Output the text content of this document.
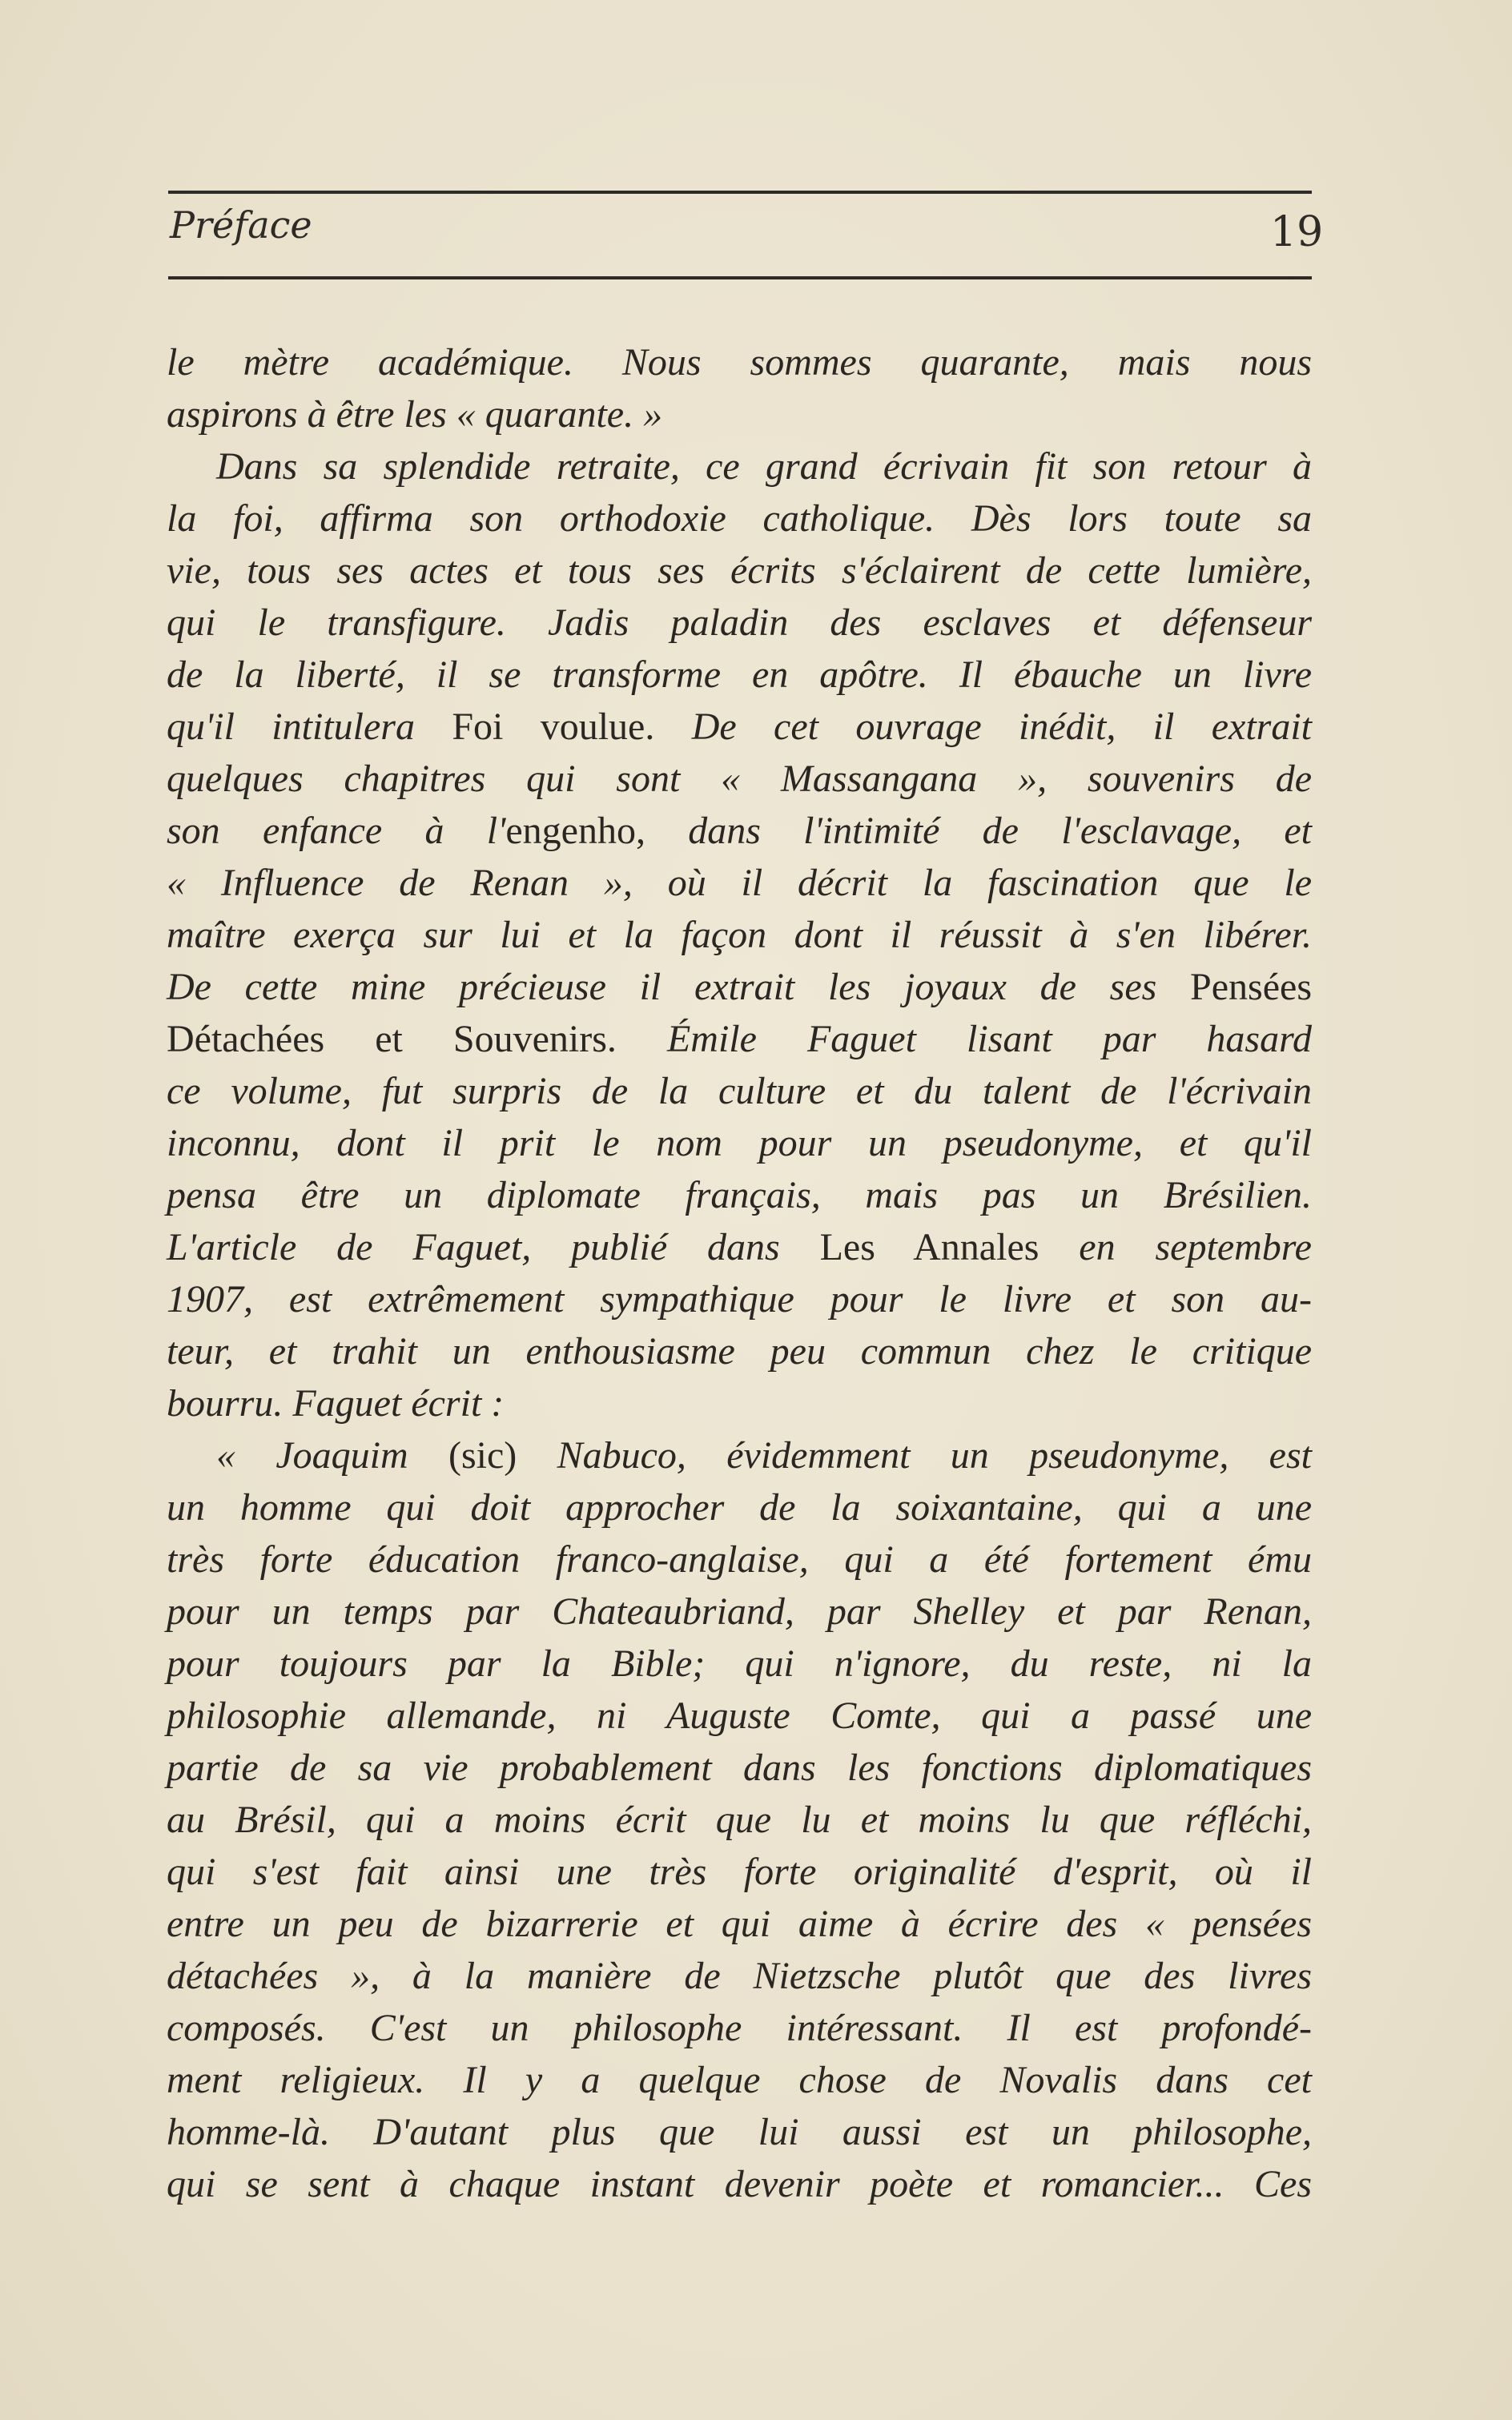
Préface	19
le mètre académique. Nous sommes quarante, mais nous
aspirons à être les « quarante. »
Dans sa splendide retraite, ce grand écrivain fit son retour à
la foi, affirma son orthodoxie catholique. Dès lors toute sa
vie, tous ses actes et tous ses écrits s'éclairent de cette lumière,
qui le transfigure. Jadis paladin des esclaves et défenseur
de la liberté, il se transforme en apôtre. Il ébauche un livre
qu'il intitulera Foi voulue. De cet ouvrage inédit, il extrait
quelques chapitres qui sont « Massangana », souvenirs de
son enfance à l'engenho, dans l'intimité de l'esclavage, et
« Influence de Renan », où il décrit la fascination que le
maître exerça sur lui et la façon dont il réussit à s'en libérer.
De cette mine précieuse il extrait les joyaux de ses Pensées
Détachées et Souvenirs. Émile Faguet lisant par hasard
ce volume, fut surpris de la culture et du talent de l'écrivain
inconnu, dont il prit le nom pour un pseudonyme, et qu'il
pensa être un diplomate français, mais pas un Brésilien.
L'article de Faguet, publié dans Les Annales en septembre
1907, est extrêmement sympathique pour le livre et son au-
teur, et trahit un enthousiasme peu commun chez le critique
bourru. Faguet écrit :
« Joaquim (sic) Nabuco, évidemment un pseudonyme, est
un homme qui doit approcher de la soixantaine, qui a une
très forte éducation franco-anglaise, qui a été fortement ému
pour un temps par Chateaubriand, par Shelley et par Renan,
pour toujours par la Bible; qui n'ignore, du reste, ni la
philosophie allemande, ni Auguste Comte, qui a passé une
partie de sa vie probablement dans les fonctions diplomatiques
au Brésil, qui a moins écrit que lu et moins lu que réfléchi,
qui s'est fait ainsi une très forte originalité d'esprit, où il
entre un peu de bizarrerie et qui aime à écrire des « pensées
détachées », à la manière de Nietzsche plutôt que des livres
composés. C'est un philosophe intéressant. Il est profondé-
ment religieux. Il y a quelque chose de Novalis dans cet
homme-là. D'autant plus que lui aussi est un philosophe,
qui se sent à chaque instant devenir poète et romancier... Ces
